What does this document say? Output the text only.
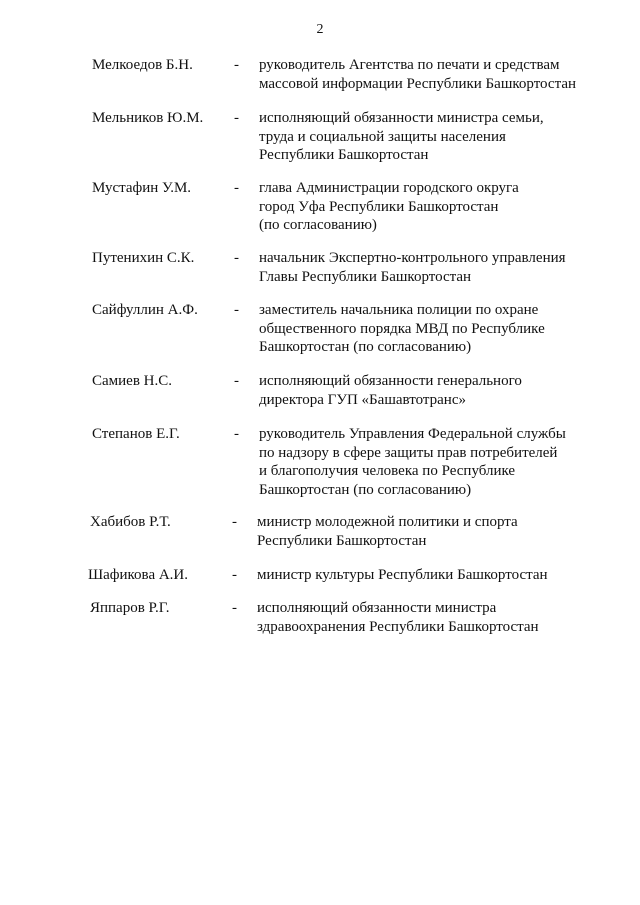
2
Мелкоедов Б.Н.	- руководитель Агентства по печати и средствам
массовой информации Республики Башкортостан
Мельников Ю.М. - исполняющий обязанности министра семьи,
труда и социальной защиты населения
Республики Башкортостан
Мустафин У.М.	- глава Администрации городского округа
город Уфа Республики Башкортостан
(по согласованию)
Путенихин С.К.	- начальник Экспертно-контрольного управления
Главы Республики Башкортостан
Сайфуллин А.Ф. - заместитель начальника полиции по охране
общественного порядка МВД по Республике
Башкортостан (по согласованию)
Самиев Н.С.	- исполняющий обязанности генерального
директора ГУП «Башавтотранс»
Степанов Е.Г.	- руководитель Управления Федеральной службы
по надзору в сфере защиты прав потребителей
и благополучия человека по Республике
Башкортостан (по согласованию)
Хабибов Р.Т.	- министр молодежной политики и спорта
Республики Башкортостан
Шафикова А.И.	- министр культуры Республики Башкортостан
Яппаров Р.Г.	- исполняющий обязанности министра
здравоохранения Республики Башкортостан
